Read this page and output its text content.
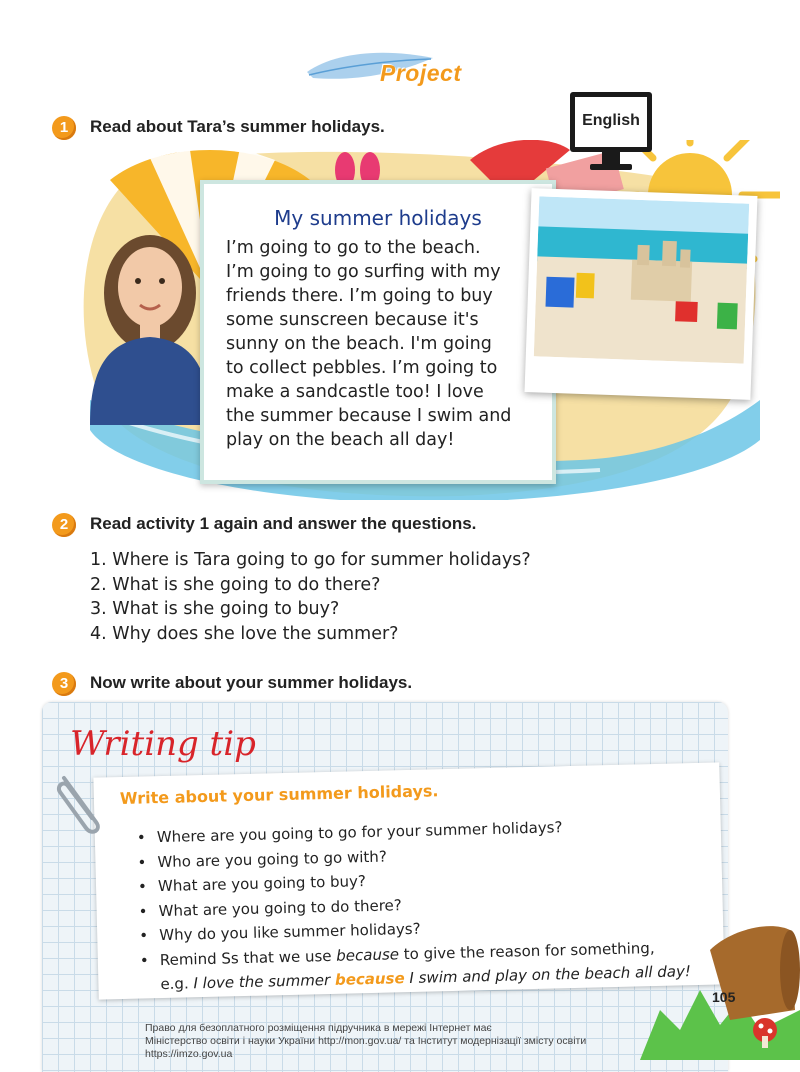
Project
1	Read about Tara’s summer holidays.
My summer holidays
I’m going to go to the beach.
I’m going to go surfing with my
friends there. I’m going to buy
some sunscreen because it's
sunny on the beach. I'm going
to collect pebbles. I’m going to
make a sandcastle too! I love
the summer because I swim and
play on the beach all day!
English
2	Read activity 1 again and answer the questions.
1. Where is Tara going to go for summer holidays?
2. What is she going to do there?
3. What is she going to buy?
4. Why does she love the summer?
3	Now write about your summer holidays.
Writing tip
Write about your summer holidays.
• Where are you going to go for your summer holidays?
• Who are you going to go with?
• What are you going to buy?
• What are you going to do there?
• Why do you like summer holidays?
• Remind Ss that we use because to give the reason for something,
e.g. I love the summer because I swim and play on the beach all day!
105
Право для безоплатного розміщення підручника в мережі Інтернет має
Міністерство освіти і науки України http://mon.gov.ua/ та Інститут модернізації змісту освіти https://imzo.gov.ua
